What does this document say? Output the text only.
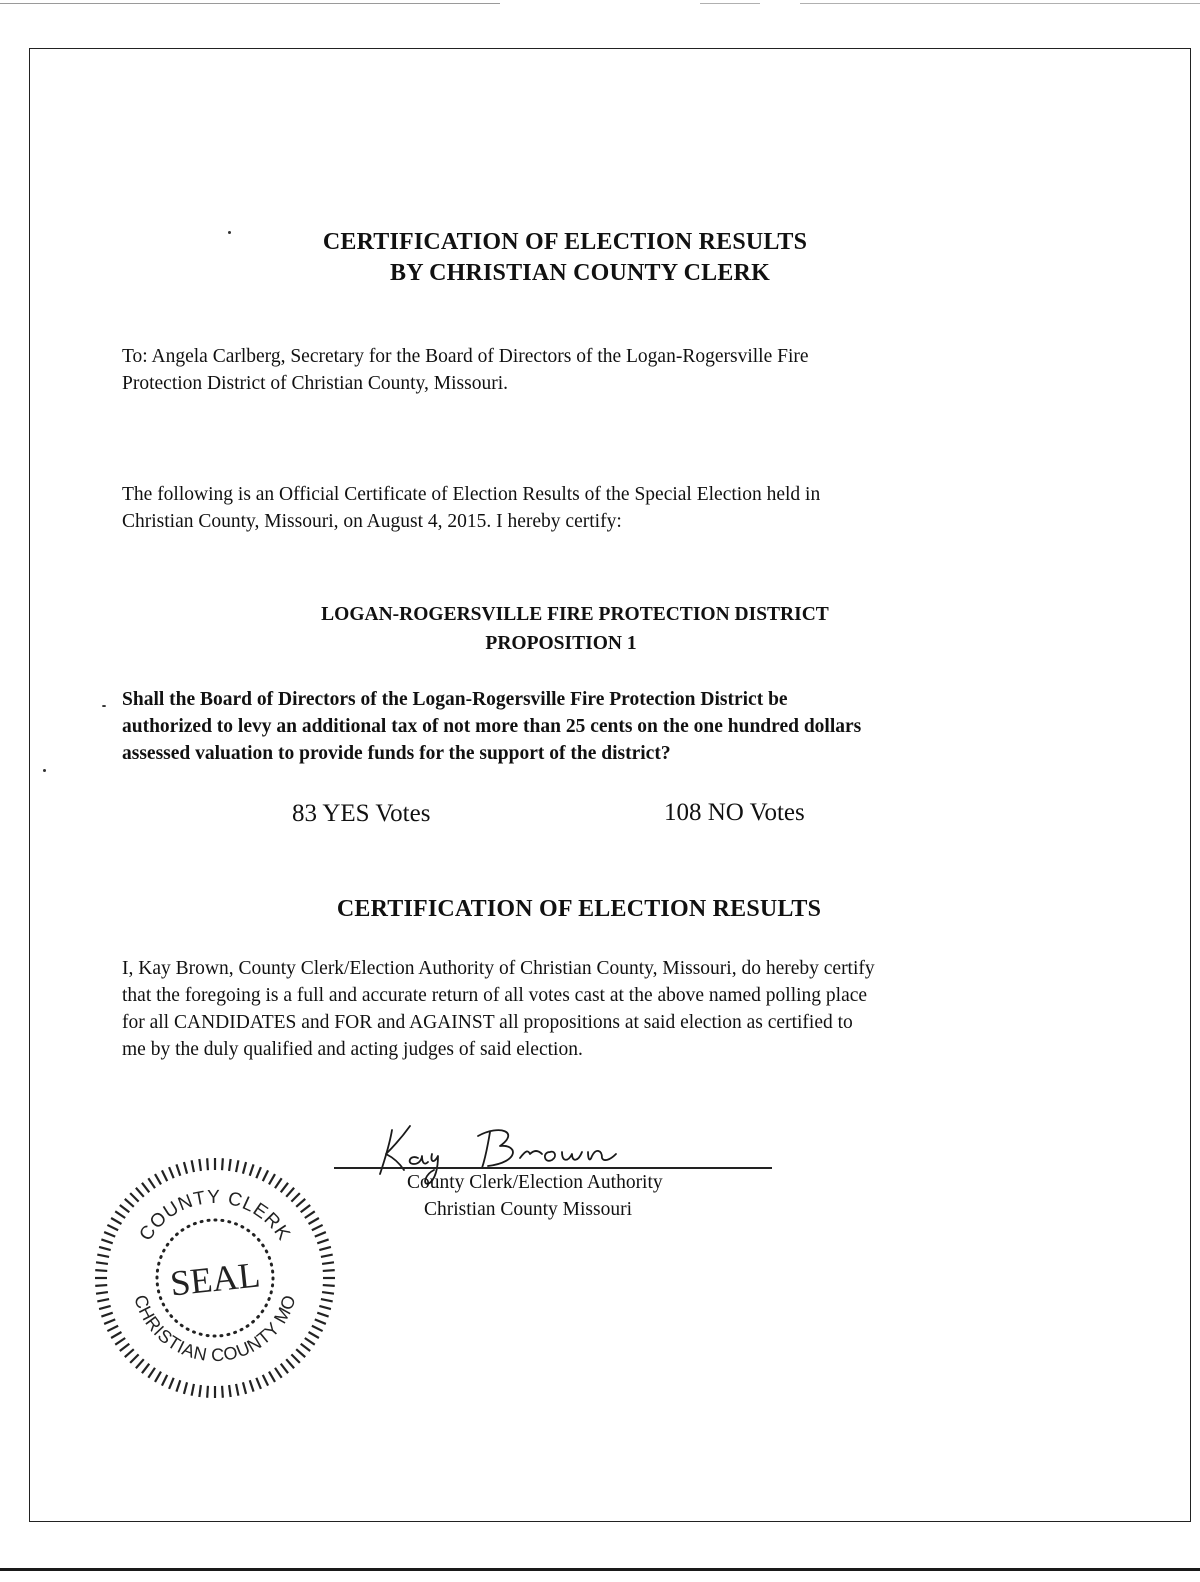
CERTIFICATION OF ELECTION RESULTS
BY CHRISTIAN COUNTY CLERK
To: Angela Carlberg, Secretary for the Board of Directors of the Logan-Rogersville Fire
Protection District of Christian County, Missouri.
The following is an Official Certificate of Election Results of the Special Election held in
Christian County, Missouri, on August 4, 2015. I hereby certify:
LOGAN-ROGERSVILLE FIRE PROTECTION DISTRICT
PROPOSITION 1
Shall the Board of Directors of the Logan-Rogersville Fire Protection District be
authorized to levy an additional tax of not more than 25 cents on the one hundred dollars
assessed valuation to provide funds for the support of the district?
83 YES Votes	108 NO Votes
CERTIFICATION OF ELECTION RESULTS
I, Kay Brown, County Clerk/Election Authority of Christian County, Missouri, do hereby certify
that the foregoing is a full and accurate return of all votes cast at the above named polling place
for all CANDIDATES and FOR and AGAINST all propositions at said election as certified to
me by the duly qualified and acting judges of said election.
County Clerk/Election Authority
Christian County Missouri
COUNTY CLERK
CHRISTIAN COUNTY MO
SEAL
